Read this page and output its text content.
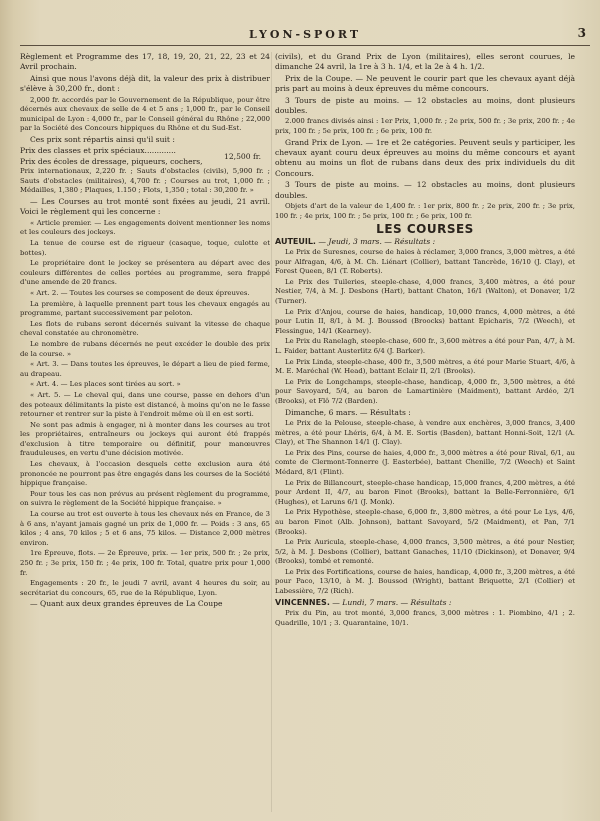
LYON-SPORT	3

Règlement et Programme des 17, 18, 19, 20, 21, 22, 23 et 24 Avril prochain.

Ainsi que nous l'avons déjà dit, la valeur des prix à distribuer s'élève à 30,200 fr., dont :

2,000 fr. accordés par le Gouvernement de la République, pour être décernés aux chevaux de selle de 4 et 5 ans ; 1,000 fr., par le Conseil municipal de Lyon : 4,000 fr., par le Conseil général du Rhône ; 22,000 par la Société des Concours hippiques du Rhône et du Sud-Est.

Ces prix sont répartis ainsi qu'il suit :

Prix des classes et prix spéciaux.............
Prix des écoles de dressage, piqueurs, cochers,
12,500 fr.

Prix internationaux, 2,220 fr. ; Sauts d'obstacles (civils), 5,900 fr. ; Sauts d'obstacles (militaires), 4,700 fr. ; Courses au trot, 1,000 fr. ; Médailles, 1,380 ; Plaques, 1.150 ; Flots, 1,350 ; total : 30,200 fr. »

— Les Courses au trot monté sont fixées au jeudi, 21 avril. Voici le règlement qui les concerne :

« Article premier. — Les engagements doivent mentionner les noms et les couleurs des jockeys.

La tenue de course est de rigueur (casaque, toque, culotte et bottes).

Le propriétaire dont le jockey se présentera au départ avec des couleurs différentes de celles portées au programme, sera frappé d'une amende de 20 francs.

« Art. 2. — Toutes les courses se composent de deux épreuves.

La première, à laquelle prennent part tous les chevaux engagés au programme, partant successivement par peloton.

Les flots de rubans seront décernés suivant la vitesse de chaque cheval constatée au chronomètre.

Le nombre de rubans décernés ne peut excéder le double des prix de la course. »

« Art. 3. — Dans toutes les épreuves, le départ a lieu de pied ferme, au drapeau.

« Art. 4. — Les places sont tirées au sort. »

« Art. 5. — Le cheval qui, dans une course, passe en dehors d'un des poteaux délimitants la piste est distancé, à moins qu'on ne le fasse retourner et rentrer sur la piste à l'endroit même où il en est sorti.

Ne sont pas admis à engager, ni à monter dans les courses au trot les propriétaires, entraîneurs ou jockeys qui auront été frappés d'exclusion à titre temporaire ou définitif, pour manœuvres frauduleuses, en vertu d'une décision motivée.

Les chevaux, à l'occasion desquels cette exclusion aura été prononcée ne pourront pas être engagés dans les courses de la Société hippique française.

Pour tous les cas non prévus au présent règlement du programme, on suivra le règlement de la Société hippique française. »

La course au trot est ouverte à tous les chevaux nés en France, de 3 à 6 ans, n'ayant jamais gagné un prix de 1,000 fr. — Poids : 3 ans, 65 kilos ; 4 ans, 70 kilos ; 5 et 6 ans, 75 kilos. — Distance 2,000 mètres environ.

1re Épreuve, flots. — 2e Épreuve, prix. — 1er prix, 500 fr. ; 2e prix, 250 fr. ; 3e prix, 150 fr. ; 4e prix, 100 fr. Total, quatre prix pour 1,000 fr.

Engagements : 20 fr., le jeudi 7 avril, avant 4 heures du soir, au secrétariat du concours, 65, rue de la République, Lyon.

— Quant aux deux grandes épreuves de La Coupe

(civils), et du Grand Prix de Lyon (militaires), elles seront courues, le dimanche 24 avril, la 1re à 3 h. 1/4, et la 2e à 4 h. 1/2.

Prix de la Coupe. — Ne peuvent le courir part que les chevaux ayant déjà pris part au moins à deux épreuves du même concours.

3 Tours de piste au moins. — 12 obstacles au moins, dont plusieurs doubles.

2.000 francs divisés ainsi : 1er Prix, 1,000 fr. ; 2e prix, 500 fr. ; 3e prix, 200 fr. ; 4e prix, 100 fr. ; 5e prix, 100 fr. ; 6e prix, 100 fr.

Grand Prix de Lyon. — 1re et 2e catégories. Peuvent seuls y participer, les chevaux ayant couru deux épreuves au moins du même concours et ayant obtenu au moins un flot de rubans dans deux des prix individuels du dit Concours.

3 Tours de piste au moins. — 12 obstacles au moins, dont plusieurs doubles.

Objets d'art de la valeur de 1,400 fr. : 1er prix, 800 fr. ; 2e prix, 200 fr. ; 3e prix, 100 fr. ; 4e prix, 100 fr. ; 5e prix, 100 fr. ; 6e prix, 100 fr.

LES COURSES

AUTEUIL. — Jeudi, 3 mars. — Résultats :

Le Prix de Suresnes, course de haies à réclamer, 3,000 francs, 3,000 mètres, a été pour Alfragan, 4/6, à M. Ch. Liénart (Collier), battant Tancrède, 16/10 (J. Clay), et Forest Queen, 8/1 (T. Roberts).

Le Prix des Tuileries, steeple-chase, 4,000 francs, 3,400 mètres, a été pour Nestier, 7/4, à M. J. Desbons (Hart), battant Chaton, 16/1 (Walton), et Donaver, 1/2 (Turner).

Le Prix d'Anjou, course de haies, handicap, 10,000 francs, 4,000 mètres, a été pour Lutin II, 8/1, à M. J. Boussod (Broocks) battant Epicharis, 7/2 (Weech), et Flessingue, 14/1 (Kearney).

Le Prix du Ranelagh, steeple-chase, 600 fr., 3,600 mètres a été pour Pan, 4/7, à M. L. Faider, battant Austerlitz 6/4 (J. Barker).

Le Prix Linda, steeple-chase, 400 fr., 3,500 mètres, a été pour Marie Stuart, 4/6, à M. E. Maréchal (W. Head), battant Eclair II, 2/1 (Brooks).

Le Prix de Longchamps, steeple-chase, handicap, 4,000 fr., 3,500 mètres, a été pour Savoyard, 5/4, au baron de Lamartinière (Maidment), battant Ardéo, 2/1 (Brooks), et Flô 7/2 (Barden).

Dimanche, 6 mars. — Résultats :

Le Prix de la Pelouse, steeple-chase, à vendre aux enchères, 3,000 francs, 3,400 mètres, a été pour Lhéris, 6/4, à M. E. Sortis (Basden), battant Honni-Soit, 12/1 (A. Clay), et The Shannon 14/1 (J. Clay).

Le Prix des Pins, course de haies, 4,000 fr., 3,000 mètres a été pour Rival, 6/1, au comte de Clermont-Tonnerre (J. Easterbée), battant Chenille, 7/2 (Weech) et Saint Médard, 8/1 (Flint).

Le Prix de Billancourt, steeple-chase handicap, 15,000 francs, 4,200 mètres, a été pour Ardent II, 4/7, au baron Finot (Brooks), battant la Belle-Ferronnière, 6/1 (Hughes), et Laruns 6/1 (J. Monk).

Le Prix Hypothèse, steeple-chase, 6,000 fr., 3,800 mètres, a été pour Le Lys, 4/6, au baron Finot (Alb. Johnson), battant Savoyard, 5/2 (Maidment), et Pan, 7/1 (Brooks).

Le Prix Auricula, steeple-chase, 4,000 francs, 3,500 mètres, a été pour Nestier, 5/2, à M. J. Desbons (Collier), battant Ganaches, 11/10 (Dickinson), et Donaver, 9/4 (Brooks), tombé et remonté.

Le Prix des Fortifications, course de haies, handicap, 4,000 fr., 3,200 mètres, a été pour Paco, 13/10, à M. J. Boussod (Wright), battant Briquette, 2/1 (Collier) et Labessière, 7/2 (Rich).

VINCENNES. — Lundi, 7 mars. — Résultats :

Prix du Pin, au trot monté, 3,000 francs, 3,000 mètres : 1. Piombino, 4/1 ; 2. Quadrille, 10/1 ; 3. Quarantaine, 10/1.
